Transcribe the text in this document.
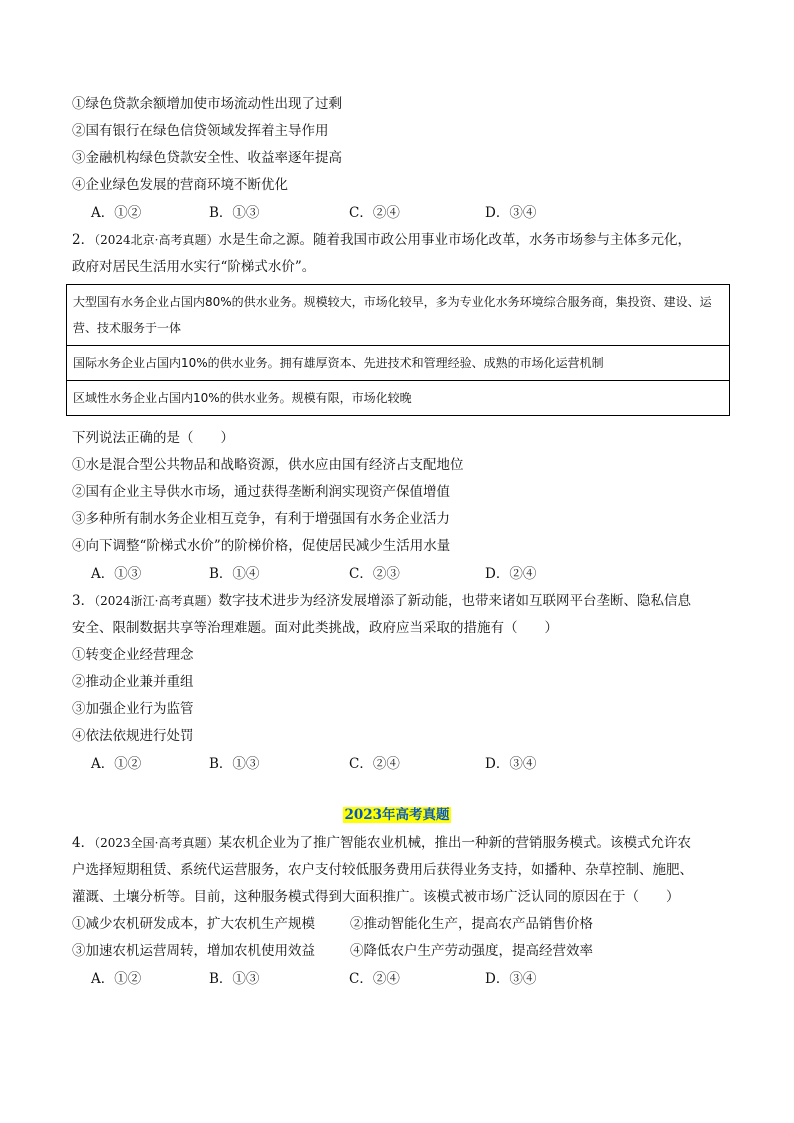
①绿色贷款余额增加使市场流动性出现了过剩
②国有银行在绿色信贷领域发挥着主导作用
③金融机构绿色贷款安全性、收益率逐年提高
④企业绿色发展的营商环境不断优化
A．①②	B．①③	C．②④	D．③④
2．（2024北京·高考真题）水是生命之源。随着我国市政公用事业市场化改革，水务市场参与主体多元化，
政府对居民生活用水实行“阶梯式水价”。
大型国有水务企业占国内80%的供水业务。规模较大，市场化较早，多为专业化水务环境综合服务商，集投资、建设、运营、技术服务于一体
国际水务企业占国内10%的供水业务。拥有雄厚资本、先进技术和管理经验、成熟的市场化运营机制
区域性水务企业占国内10%的供水业务。规模有限，市场化较晚
下列说法正确的是（　　）
①水是混合型公共物品和战略资源，供水应由国有经济占支配地位
②国有企业主导供水市场，通过获得垄断利润实现资产保值增值
③多种所有制水务企业相互竞争，有利于增强国有水务企业活力
④向下调整“阶梯式水价”的阶梯价格，促使居民减少生活用水量
A．①③	B．①④	C．②③	D．②④
3．（2024浙江·高考真题）数字技术进步为经济发展增添了新动能，也带来诸如互联网平台垄断、隐私信息
安全、限制数据共享等治理难题。面对此类挑战，政府应当采取的措施有（　　）
①转变企业经营理念
②推动企业兼并重组
③加强企业行为监管
④依法依规进行处罚
A．①②	B．①③	C．②④	D．③④
2023年高考真题
4．（2023全国·高考真题）某农机企业为了推广智能农业机械，推出一种新的营销服务模式。该模式允许农
户选择短期租赁、系统代运营服务，农户支付较低服务费用后获得业务支持，如播种、杂草控制、施肥、
灌溉、土壤分析等。目前，这种服务模式得到大面积推广。该模式被市场广泛认同的原因在于（　　）
①减少农机研发成本，扩大农机生产规模	②推动智能化生产，提高农产品销售价格
③加速农机运营周转，增加农机使用效益	④降低农户生产劳动强度，提高经营效率
A．①②	B．①③	C．②④	D．③④
